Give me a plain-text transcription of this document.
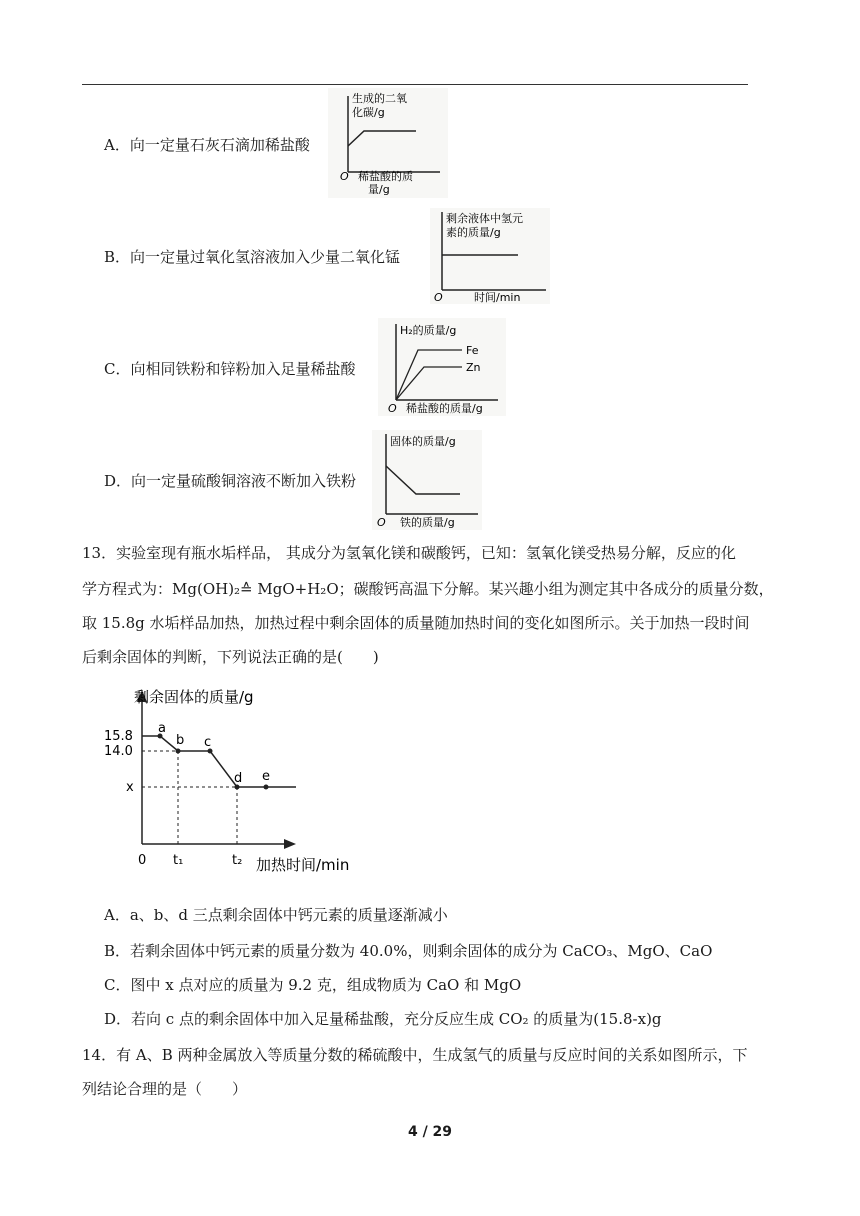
A．向一定量石灰石滴加稀盐酸
生成的二氧
化碳/g
O 稀盐酸的质
量/g
B．向一定量过氧化氢溶液加入少量二氧化锰
剩余液体中氢元
素的质量/g
O	时间/min
C．向相同铁粉和锌粉加入足量稀盐酸
H₂的质量/g
Fe
Zn
O 稀盐酸的质量/g
D．向一定量硫酸铜溶液不断加入铁粉
固体的质量/g
O 铁的质量/g
13．实验室现有瓶水垢样品， 其成分为氢氧化镁和碳酸钙，已知：氢氧化镁受热易分解，反应的化
学方程式为：Mg(OH)₂≙ MgO+H₂O；碳酸钙高温下分解。某兴趣小组为测定其中各成分的质量分数，
取 15.8g 水垢样品加热，加热过程中剩余固体的质量随加热时间的变化如图所示。关于加热一段时间
后剩余固体的判断，下列说法正确的是(　　)
a
b c
d e
15.8
14.0
x
0 t₁	t₂
剩余固体的质量/g
加热时间/min
A．a、b、d 三点剩余固体中钙元素的质量逐渐减小
B．若剩余固体中钙元素的质量分数为 40.0%，则剩余固体的成分为 CaCO₃、MgO、CaO
C．图中 x 点对应的质量为 9.2 克，组成物质为 CaO 和 MgO
D．若向 c 点的剩余固体中加入足量稀盐酸，充分反应生成 CO₂ 的质量为(15.8-x)g
14．有 A、B 两种金属放入等质量分数的稀硫酸中，生成氢气的质量与反应时间的关系如图所示，下
列结论合理的是（　　）
4 / 29
